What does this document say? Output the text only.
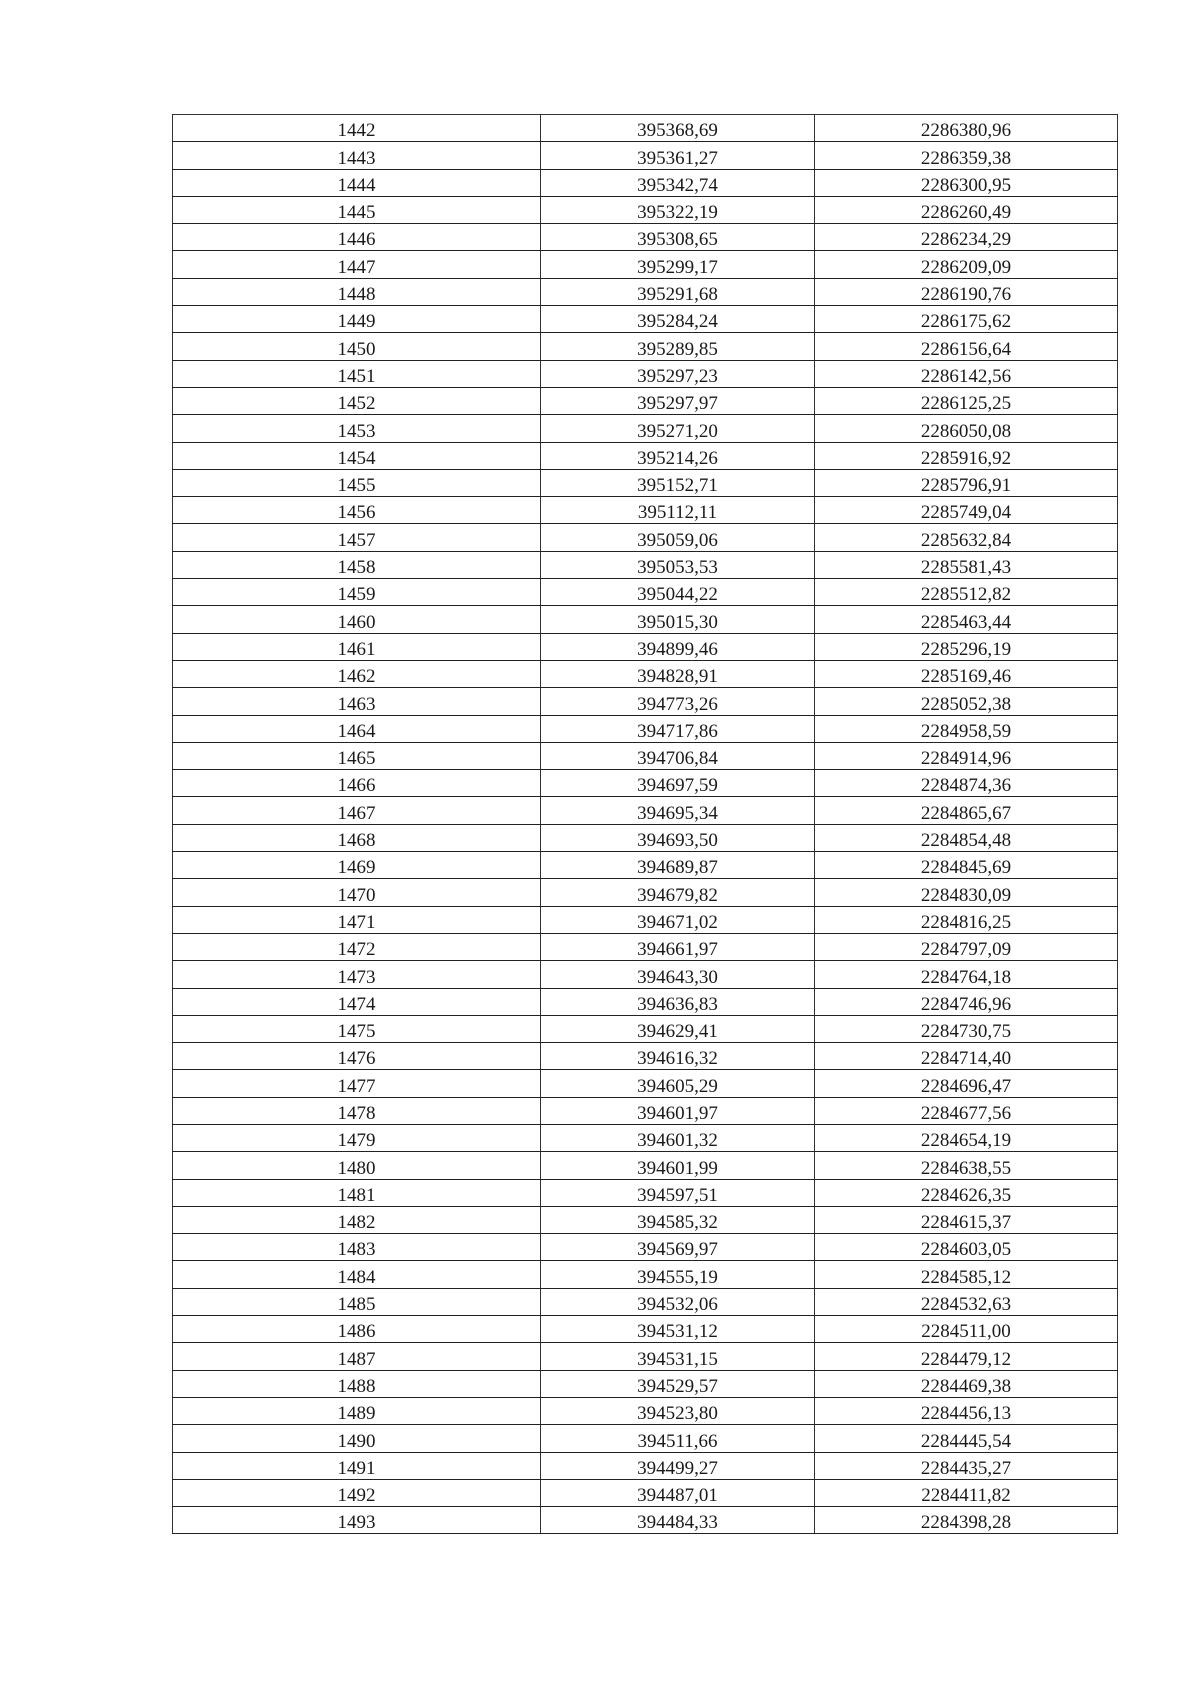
1442	395368,69	2286380,96
1443	395361,27	2286359,38
1444	395342,74	2286300,95
1445	395322,19	2286260,49
1446	395308,65	2286234,29
1447	395299,17	2286209,09
1448	395291,68	2286190,76
1449	395284,24	2286175,62
1450	395289,85	2286156,64
1451	395297,23	2286142,56
1452	395297,97	2286125,25
1453	395271,20	2286050,08
1454	395214,26	2285916,92
1455	395152,71	2285796,91
1456	395112,11	2285749,04
1457	395059,06	2285632,84
1458	395053,53	2285581,43
1459	395044,22	2285512,82
1460	395015,30	2285463,44
1461	394899,46	2285296,19
1462	394828,91	2285169,46
1463	394773,26	2285052,38
1464	394717,86	2284958,59
1465	394706,84	2284914,96
1466	394697,59	2284874,36
1467	394695,34	2284865,67
1468	394693,50	2284854,48
1469	394689,87	2284845,69
1470	394679,82	2284830,09
1471	394671,02	2284816,25
1472	394661,97	2284797,09
1473	394643,30	2284764,18
1474	394636,83	2284746,96
1475	394629,41	2284730,75
1476	394616,32	2284714,40
1477	394605,29	2284696,47
1478	394601,97	2284677,56
1479	394601,32	2284654,19
1480	394601,99	2284638,55
1481	394597,51	2284626,35
1482	394585,32	2284615,37
1483	394569,97	2284603,05
1484	394555,19	2284585,12
1485	394532,06	2284532,63
1486	394531,12	2284511,00
1487	394531,15	2284479,12
1488	394529,57	2284469,38
1489	394523,80	2284456,13
1490	394511,66	2284445,54
1491	394499,27	2284435,27
1492	394487,01	2284411,82
1493	394484,33	2284398,28
